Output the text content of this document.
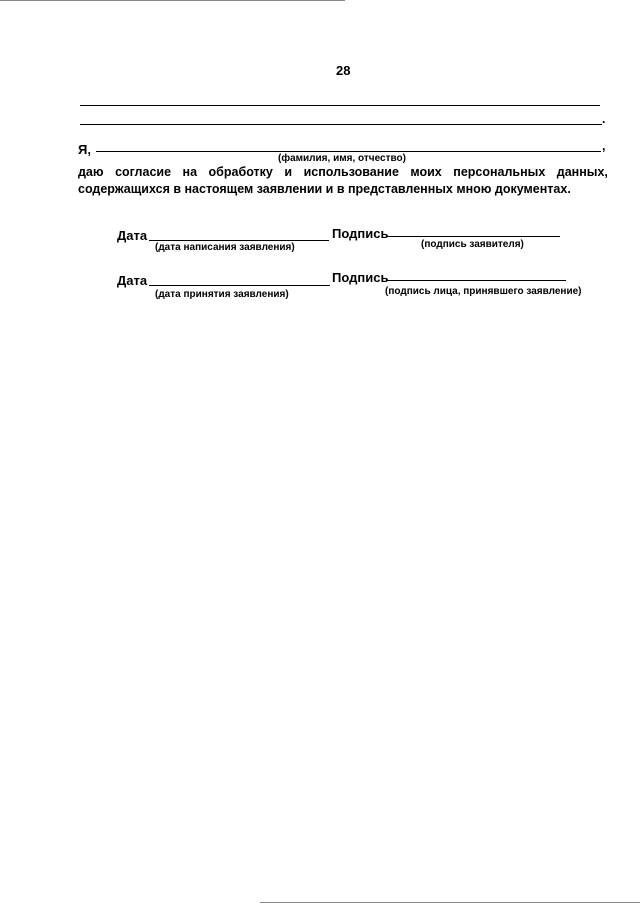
28
.
Я,	,
(фамилия, имя, отчество)
даю согласие на обработку и использование моих персональных данных,
содержащихся в настоящем заявлении и в представленных мною документах.
Дата
(дата написания заявления)
Подпись
(подпись заявителя)
Дата
(дата принятия заявления)
Подпись
(подпись лица, принявшего заявление)
